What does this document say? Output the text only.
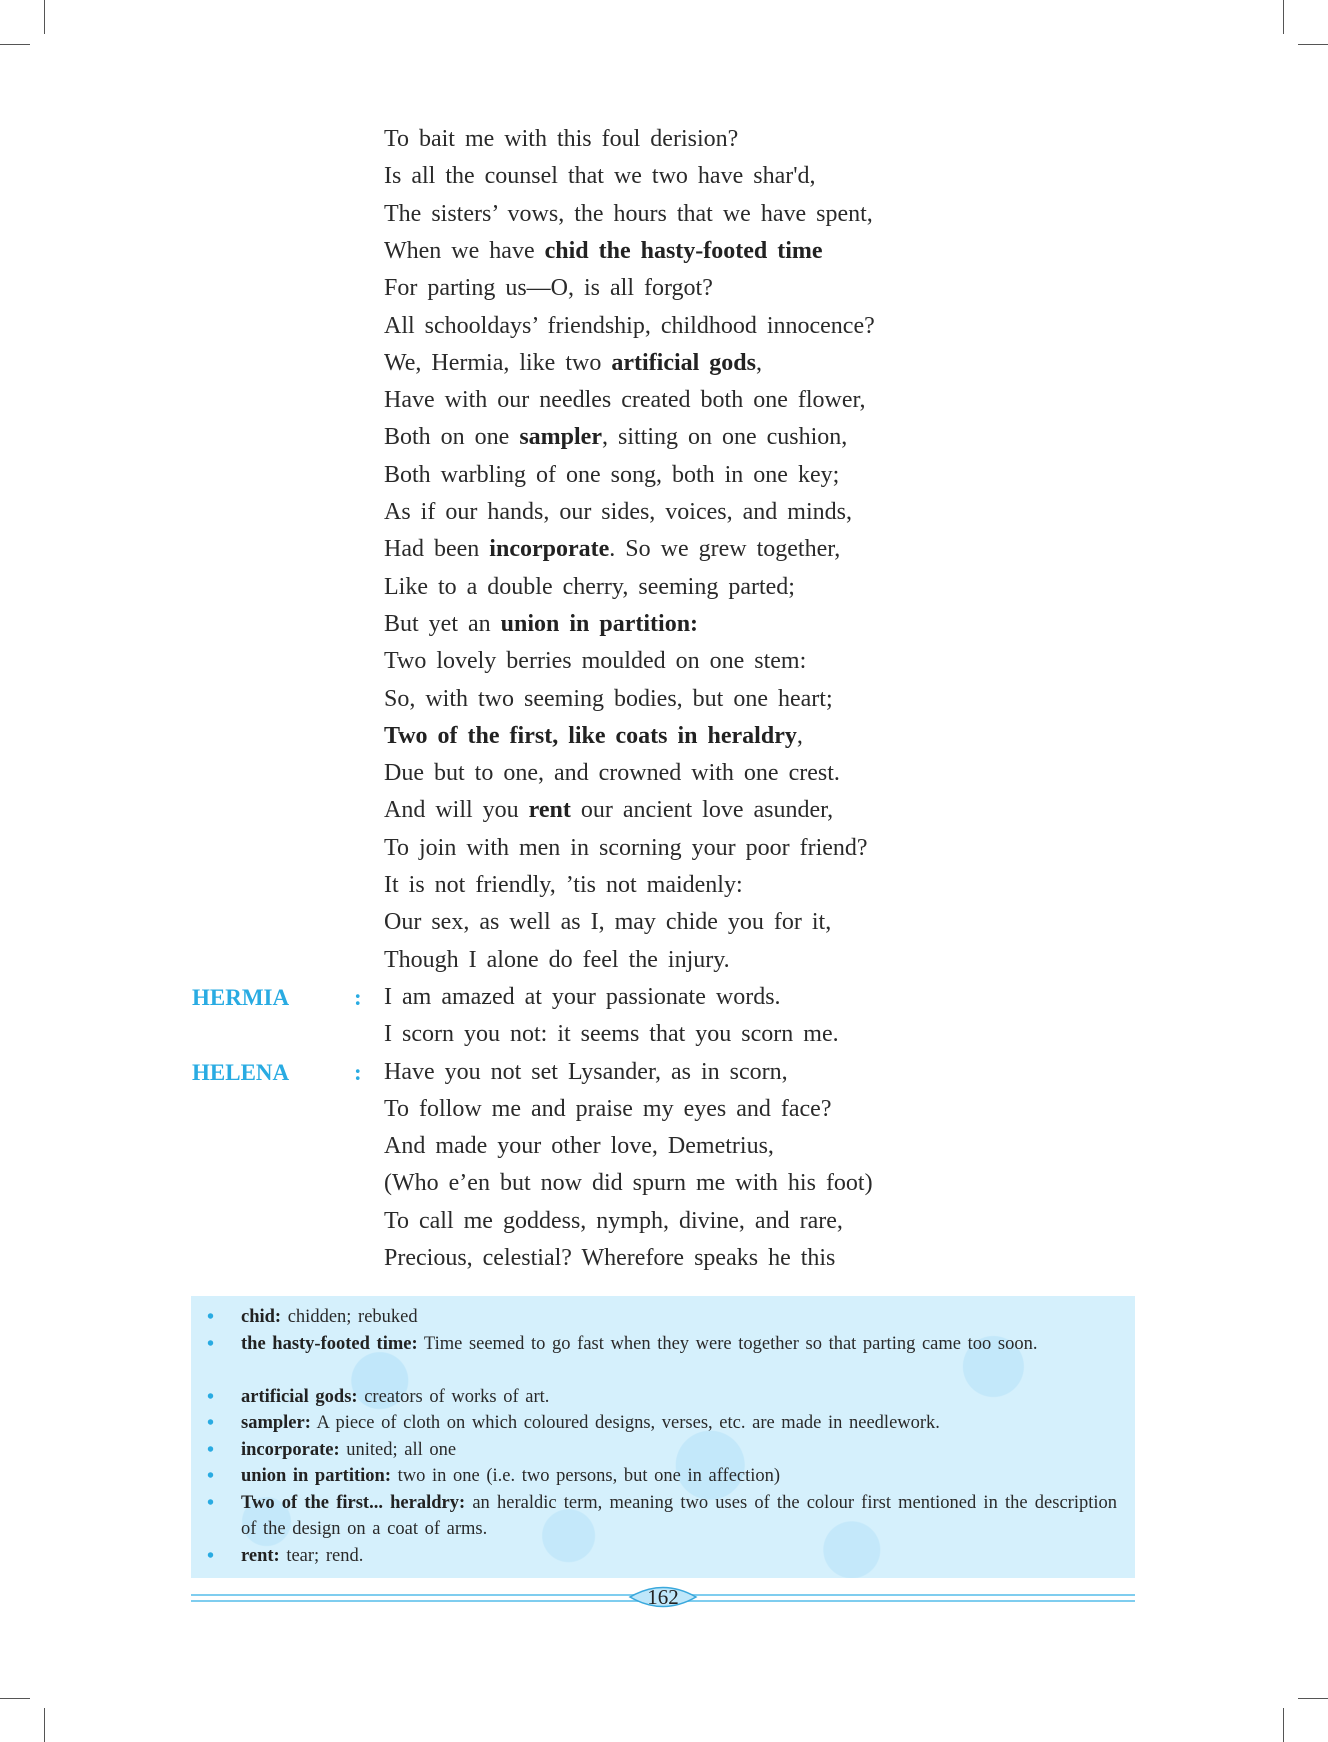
To bait me with this foul derision?
Is all the counsel that we two have shar'd,
The sisters’ vows, the hours that we have spent,
When we have chid the hasty-footed time
For parting us—O, is all forgot?
All schooldays’ friendship, childhood innocence?
We, Hermia, like two artificial gods,
Have with our needles created both one flower,
Both on one sampler, sitting on one cushion,
Both warbling of one song, both in one key;
As if our hands, our sides, voices, and minds,
Had been incorporate. So we grew together,
Like to a double cherry, seeming parted;
But yet an union in partition:
Two lovely berries moulded on one stem:
So, with two seeming bodies, but one heart;
Two of the first, like coats in heraldry,
Due but to one, and crowned with one crest.
And will you rent our ancient love asunder,
To join with men in scorning your poor friend?
It is not friendly, ’tis not maidenly:
Our sex, as well as I, may chide you for it,
Though I alone do feel the injury.
I am amazed at your passionate words.
I scorn you not: it seems that you scorn me.
Have you not set Lysander, as in scorn,
To follow me and praise my eyes and face?
And made your other love, Demetrius,
(Who e’en but now did spurn me with his foot)
To call me goddess, nymph, divine, and rare,
Precious, celestial? Wherefore speaks he this
HERMIA	:
HELENA	:
• chid: chidden; rebuked
• the hasty-footed time: Time seemed to go fast when they were together so that parting came too soon.
• artificial gods: creators of works of art.
• sampler: A piece of cloth on which coloured designs, verses, etc. are made in needlework.
• incorporate: united; all one
• union in partition: two in one (i.e. two persons, but one in affection)
• Two of the first... heraldry: an heraldic term, meaning two uses of the colour first mentioned in the description of the design on a coat of arms.
• rent: tear; rend.
162
